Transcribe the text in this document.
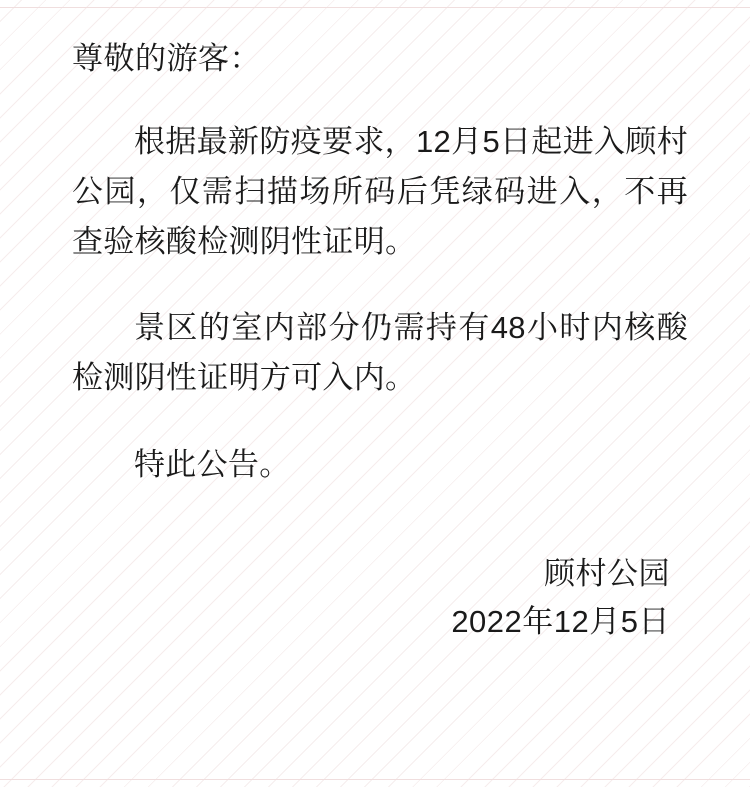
尊敬的游客：

根据最新防疫要求，12月5日起进入顾村公园，仅需扫描场所码后凭绿码进入，不再查验核酸检测阴性证明。

景区的室内部分仍需持有48小时内核酸检测阴性证明方可入内。

特此公告。

顾村公园
2022年12月5日
